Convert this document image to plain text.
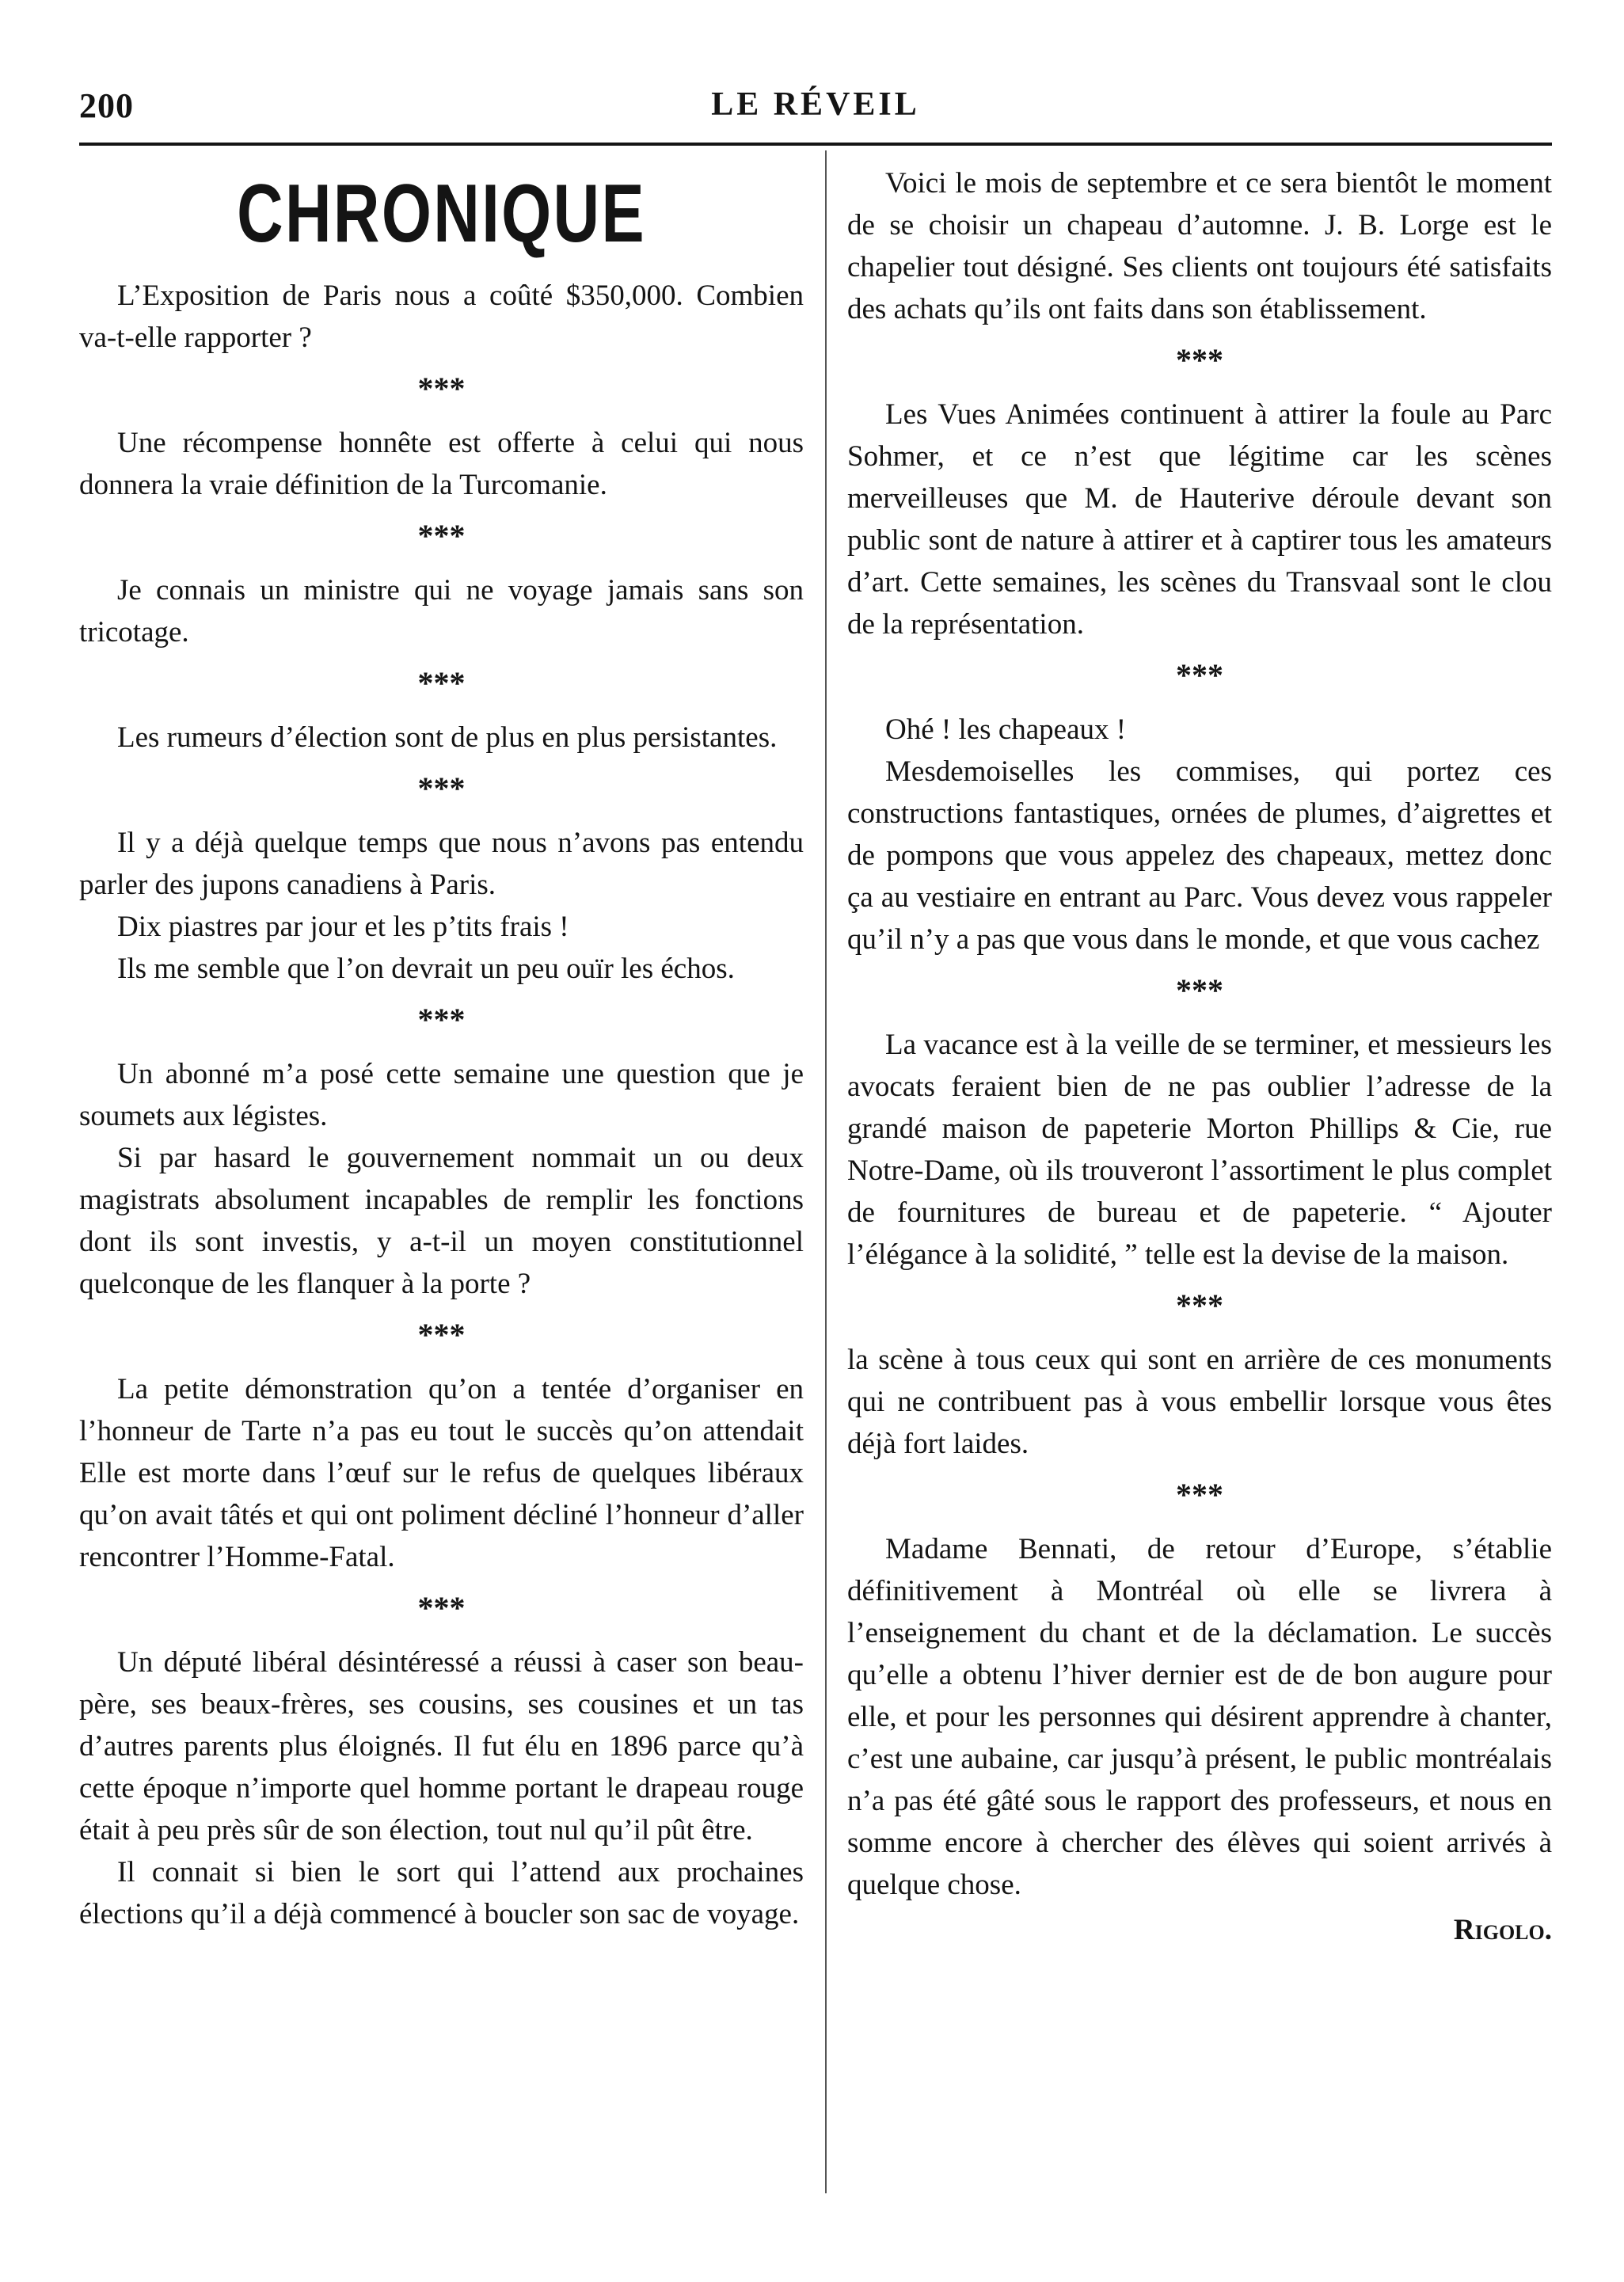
200	LE RÉVEIL
CHRONIQUE

L’Exposition de Paris nous a coûté $350,000. Combien va-t-elle rapporter ?

***

Une récompense honnête est offerte à celui qui nous donnera la vraie définition de la Turcomanie.

***

Je connais un ministre qui ne voyage jamais sans son tricotage.

***

Les rumeurs d’élection sont de plus en plus persistantes.

***

Il y a déjà quelque temps que nous n’avons pas entendu parler des jupons canadiens à Paris.

Dix piastres par jour et les p’tits frais !

Ils me semble que l’on devrait un peu ouïr les échos.

***

Un abonné m’a posé cette semaine une question que je soumets aux légistes.

Si par hasard le gouvernement nommait un ou deux magistrats absolument incapables de remplir les fonctions dont ils sont investis, y a-t-il un moyen constitutionnel quelconque de les flanquer à la porte ?

***

La petite démonstration qu’on a tentée d’organiser en l’honneur de Tarte n’a pas eu tout le succès qu’on attendait Elle est morte dans l’œuf sur le refus de quelques libéraux qu’on avait tâtés et qui ont poliment décliné l’honneur d’aller rencontrer l’Homme-Fatal.

***

Un député libéral désintéressé a réussi à caser son beau-père, ses beaux-frères, ses cousins, ses cousines et un tas d’autres parents plus éloignés. Il fut élu en 1896 parce qu’à cette époque n’importe quel homme portant le drapeau rouge était à peu près sûr de son élection, tout nul qu’il pût être.

Il connait si bien le sort qui l’attend aux prochaines élections qu’il a déjà commencé à boucler son sac de voyage.

Voici le mois de septembre et ce sera bientôt le moment de se choisir un chapeau d’automne. J. B. Lorge est le chapelier tout désigné. Ses clients ont toujours été satisfaits des achats qu’ils ont faits dans son établissement.

***

Les Vues Animées continuent à attirer la foule au Parc Sohmer, et ce n’est que légitime car les scènes merveilleuses que M. de Hauterive déroule devant son public sont de nature à attirer et à captirer tous les amateurs d’art. Cette semaines, les scènes du Transvaal sont le clou de la représentation.

***

Ohé ! les chapeaux !

Mesdemoiselles les commises, qui portez ces constructions fantastiques, ornées de plumes, d’aigrettes et de pompons que vous appelez des chapeaux, mettez donc ça au vestiaire en entrant au Parc. Vous devez vous rappeler qu’il n’y a pas que vous dans le monde, et que vous cachez

***

La vacance est à la veille de se terminer, et messieurs les avocats feraient bien de ne pas oublier l’adresse de la grandé maison de papeterie Morton Phillips & Cie, rue Notre-Dame, où ils trouveront l’assortiment le plus complet de fournitures de bureau et de papeterie. “ Ajouter l’élégance à la solidité, ” telle est la devise de la maison.

***

la scène à tous ceux qui sont en arrière de ces monuments qui ne contribuent pas à vous embellir lorsque vous êtes déjà fort laides.

***

Madame Bennati, de retour d’Europe, s’établie définitivement à Montréal où elle se livrera à l’enseignement du chant et de la déclamation. Le succès qu’elle a obtenu l’hiver dernier est de de bon augure pour elle, et pour les personnes qui désirent apprendre à chanter, c’est une aubaine, car jusqu’à présent, le public montréalais n’a pas été gâté sous le rapport des professeurs, et nous en somme encore à chercher des élèves qui soient arrivés à quelque chose.

Rigolo.
